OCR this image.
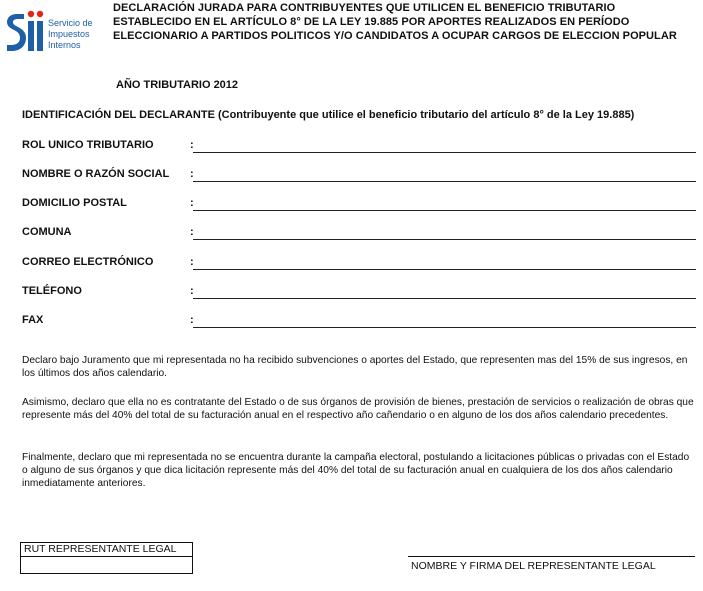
Servicio de
Impuestos
Internos
DECLARACIÓN JURADA PARA CONTRIBUYENTES QUE UTILICEN EL BENEFICIO TRIBUTARIO ESTABLECIDO EN EL ARTÍCULO 8° DE LA LEY 19.885 POR APORTES REALIZADOS EN PERÍODO ELECCIONARIO A PARTIDOS POLITICOS Y/O CANDIDATOS A OCUPAR CARGOS DE ELECCION POPULAR
AÑO TRIBUTARIO 2012
IDENTIFICACIÓN DEL DECLARANTE (Contribuyente que utilice el beneficio tributario del artículo 8° de la Ley 19.885)
ROL UNICO TRIBUTARIO	:
NOMBRE O RAZÓN SOCIAL :
DOMICILIO POSTAL	:
COMUNA	:
CORREO ELECTRÓNICO	:
TELÉFONO	:
FAX	:
Declaro bajo Juramento que mi representada no ha recibido subvenciones o aportes del Estado, que representen mas del 15% de sus ingresos, en los últimos dos años calendario.
Asimismo, declaro que ella no es contratante del Estado o de sus órganos de provisión de bienes, prestación de servicios o realización de obras que represente más del 40% del total de su facturación anual en el respectivo año cañendario o en alguno de los dos años calendario precedentes.
Finalmente, declaro que mi representada no se encuentra durante la campaña electoral, postulando a licitaciones públicas o privadas con el Estado o alguno de sus órganos y que dica licitación represente más del 40% del total de su facturación anual en cualquiera de los dos años calendario inmediatamente anteriores.
RUT REPRESENTANTE LEGAL
NOMBRE Y FIRMA DEL REPRESENTANTE LEGAL
